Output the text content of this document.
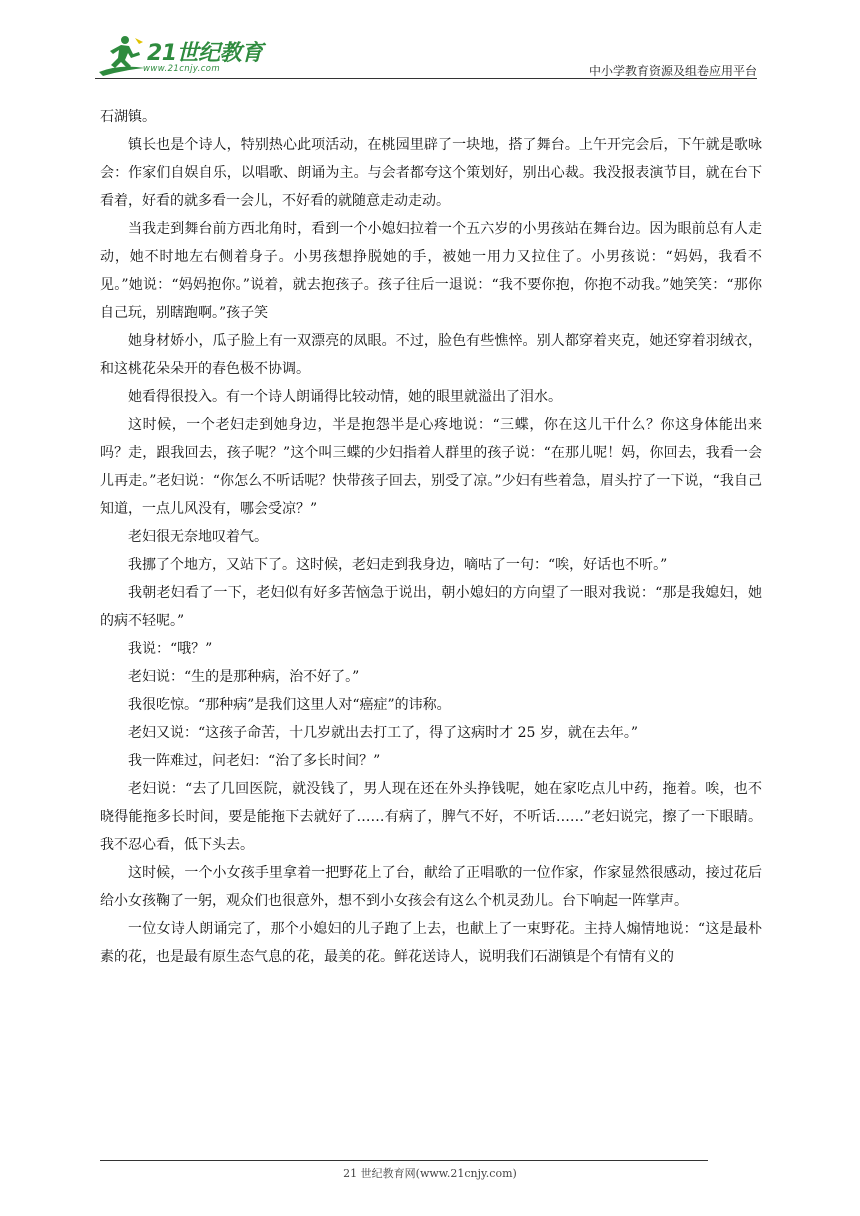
21世纪教育
www.21cnjy.com	中小学教育资源及组卷应用平台

石湖镇。

镇长也是个诗人，特别热心此项活动，在桃园里辟了一块地，搭了舞台。上午开完会后，下午就是歌咏会：作家们自娱自乐，以唱歌、朗诵为主。与会者都夸这个策划好，别出心裁。我没报表演节目，就在台下看着，好看的就多看一会儿，不好看的就随意走动走动。

当我走到舞台前方西北角时，看到一个小媳妇拉着一个五六岁的小男孩站在舞台边。因为眼前总有人走动，她不时地左右侧着身子。小男孩想挣脱她的手，被她一用力又拉住了。小男孩说：“妈妈，我看不见。”她说：“妈妈抱你。”说着，就去抱孩子。孩子往后一退说：“我不要你抱，你抱不动我。”她笑笑：“那你自己玩，别瞎跑啊。”孩子笑

她身材娇小，瓜子脸上有一双漂亮的凤眼。不过，脸色有些憔悴。别人都穿着夹克，她还穿着羽绒衣，和这桃花朵朵开的春色极不协调。

她看得很投入。有一个诗人朗诵得比较动情，她的眼里就溢出了泪水。

这时候，一个老妇走到她身边，半是抱怨半是心疼地说：“三蝶，你在这儿干什么？你这身体能出来吗？走，跟我回去，孩子呢？”这个叫三蝶的少妇指着人群里的孩子说：“在那儿呢！妈，你回去，我看一会儿再走。”老妇说：“你怎么不听话呢？快带孩子回去，别受了凉。”少妇有些着急，眉头拧了一下说，“我自己知道，一点儿风没有，哪会受凉？”

老妇很无奈地叹着气。

我挪了个地方，又站下了。这时候，老妇走到我身边，嘀咕了一句：“唉，好话也不听。”

我朝老妇看了一下，老妇似有好多苦恼急于说出，朝小媳妇的方向望了一眼对我说：“那是我媳妇，她的病不轻呢。”

我说：“哦？”

老妇说：“生的是那种病，治不好了。”

我很吃惊。“那种病”是我们这里人对“癌症”的讳称。

老妇又说：“这孩子命苦，十几岁就出去打工了，得了这病时才 25 岁，就在去年。”

我一阵难过，问老妇：“治了多长时间？”

老妇说：“去了几回医院，就没钱了，男人现在还在外头挣钱呢，她在家吃点儿中药，拖着。唉，也不晓得能拖多长时间，要是能拖下去就好了……有病了，脾气不好，不听话……”老妇说完，擦了一下眼睛。我不忍心看，低下头去。

这时候，一个小女孩手里拿着一把野花上了台，献给了正唱歌的一位作家，作家显然很感动，接过花后给小女孩鞠了一躬，观众们也很意外，想不到小女孩会有这么个机灵劲儿。台下响起一阵掌声。

一位女诗人朗诵完了，那个小媳妇的儿子跑了上去，也献上了一束野花。主持人煽情地说：“这是最朴素的花，也是最有原生态气息的花，最美的花。鲜花送诗人，说明我们石湖镇是个有情有义的

21 世纪教育网(www.21cnjy.com)
